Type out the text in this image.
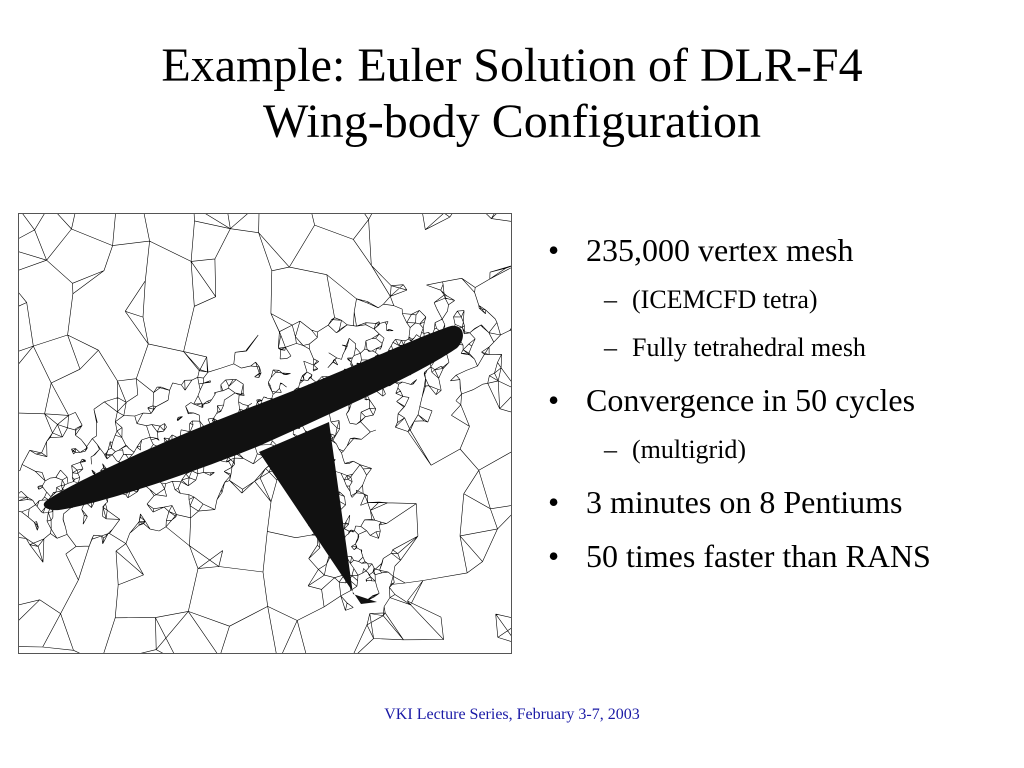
Example: Euler Solution of DLR-F4
Wing-body Configuration
• 235,000 vertex mesh
– (ICEMCFD tetra)
– Fully tetrahedral mesh
• Convergence in 50 cycles
– (multigrid)
• 3 minutes on 8 Pentiums
• 50 times faster than RANS
VKI Lecture Series, February 3-7, 2003
